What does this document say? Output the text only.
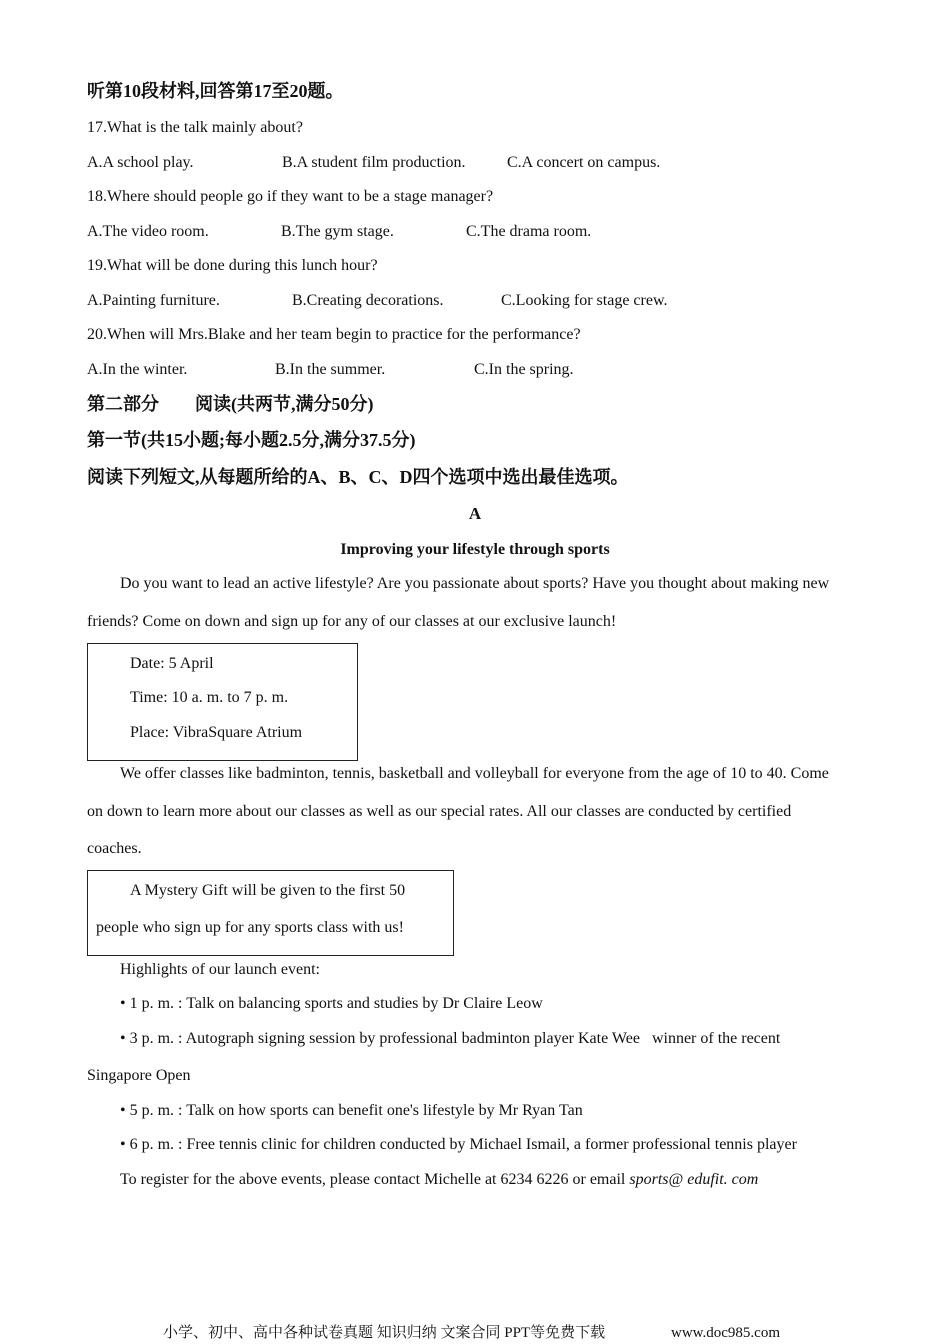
听第10段材料,回答第17至20题。
17.What is the talk mainly about?
A.A school play.	B.A student film production.	C.A concert on campus.
18.Where should people go if they want to be a stage manager?
A.The video room.	B.The gym stage.	C.The drama room.
19.What will be done during this lunch hour?
A.Painting furniture.	B.Creating decorations.	C.Looking for stage crew.
20.When will Mrs.Blake and her team begin to practice for the performance?
A.In the winter.	B.In the summer.	C.In the spring.
第二部分　　阅读(共两节,满分50分)
第一节(共15小题;每小题2.5分,满分37.5分)
阅读下列短文,从每题所给的A、B、C、D四个选项中选出最佳选项。
A
Improving your lifestyle through sports
Do you want to lead an active lifestyle? Are you passionate about sports? Have you thought about making new
friends? Come on down and sign up for any of our classes at our exclusive launch!
Date: 5 April
Time: 10 a. m. to 7 p. m.
Place: VibraSquare Atrium
We offer classes like badminton, tennis, basketball and volleyball for everyone from the age of 10 to 40. Come
on down to learn more about our classes as well as our special rates. All our classes are conducted by certified
coaches.
A Mystery Gift will be given to the first 50
people who sign up for any sports class with us!
Highlights of our launch event:
• 1 p. m. : Talk on balancing sports and studies by Dr Claire Leow
• 3 p. m. : Autograph signing session by professional badminton player Kate Wee   winner of the recent
Singapore Open
• 5 p. m. : Talk on how sports can benefit one's lifestyle by Mr Ryan Tan
• 6 p. m. : Free tennis clinic for children conducted by Michael Ismail, a former professional tennis player
To register for the above events, please contact Michelle at 6234 6226 or email sports@ edufit. com
小学、初中、高中各种试卷真题 知识归纳 文案合同 PPT等免费下载	www.doc985.com
